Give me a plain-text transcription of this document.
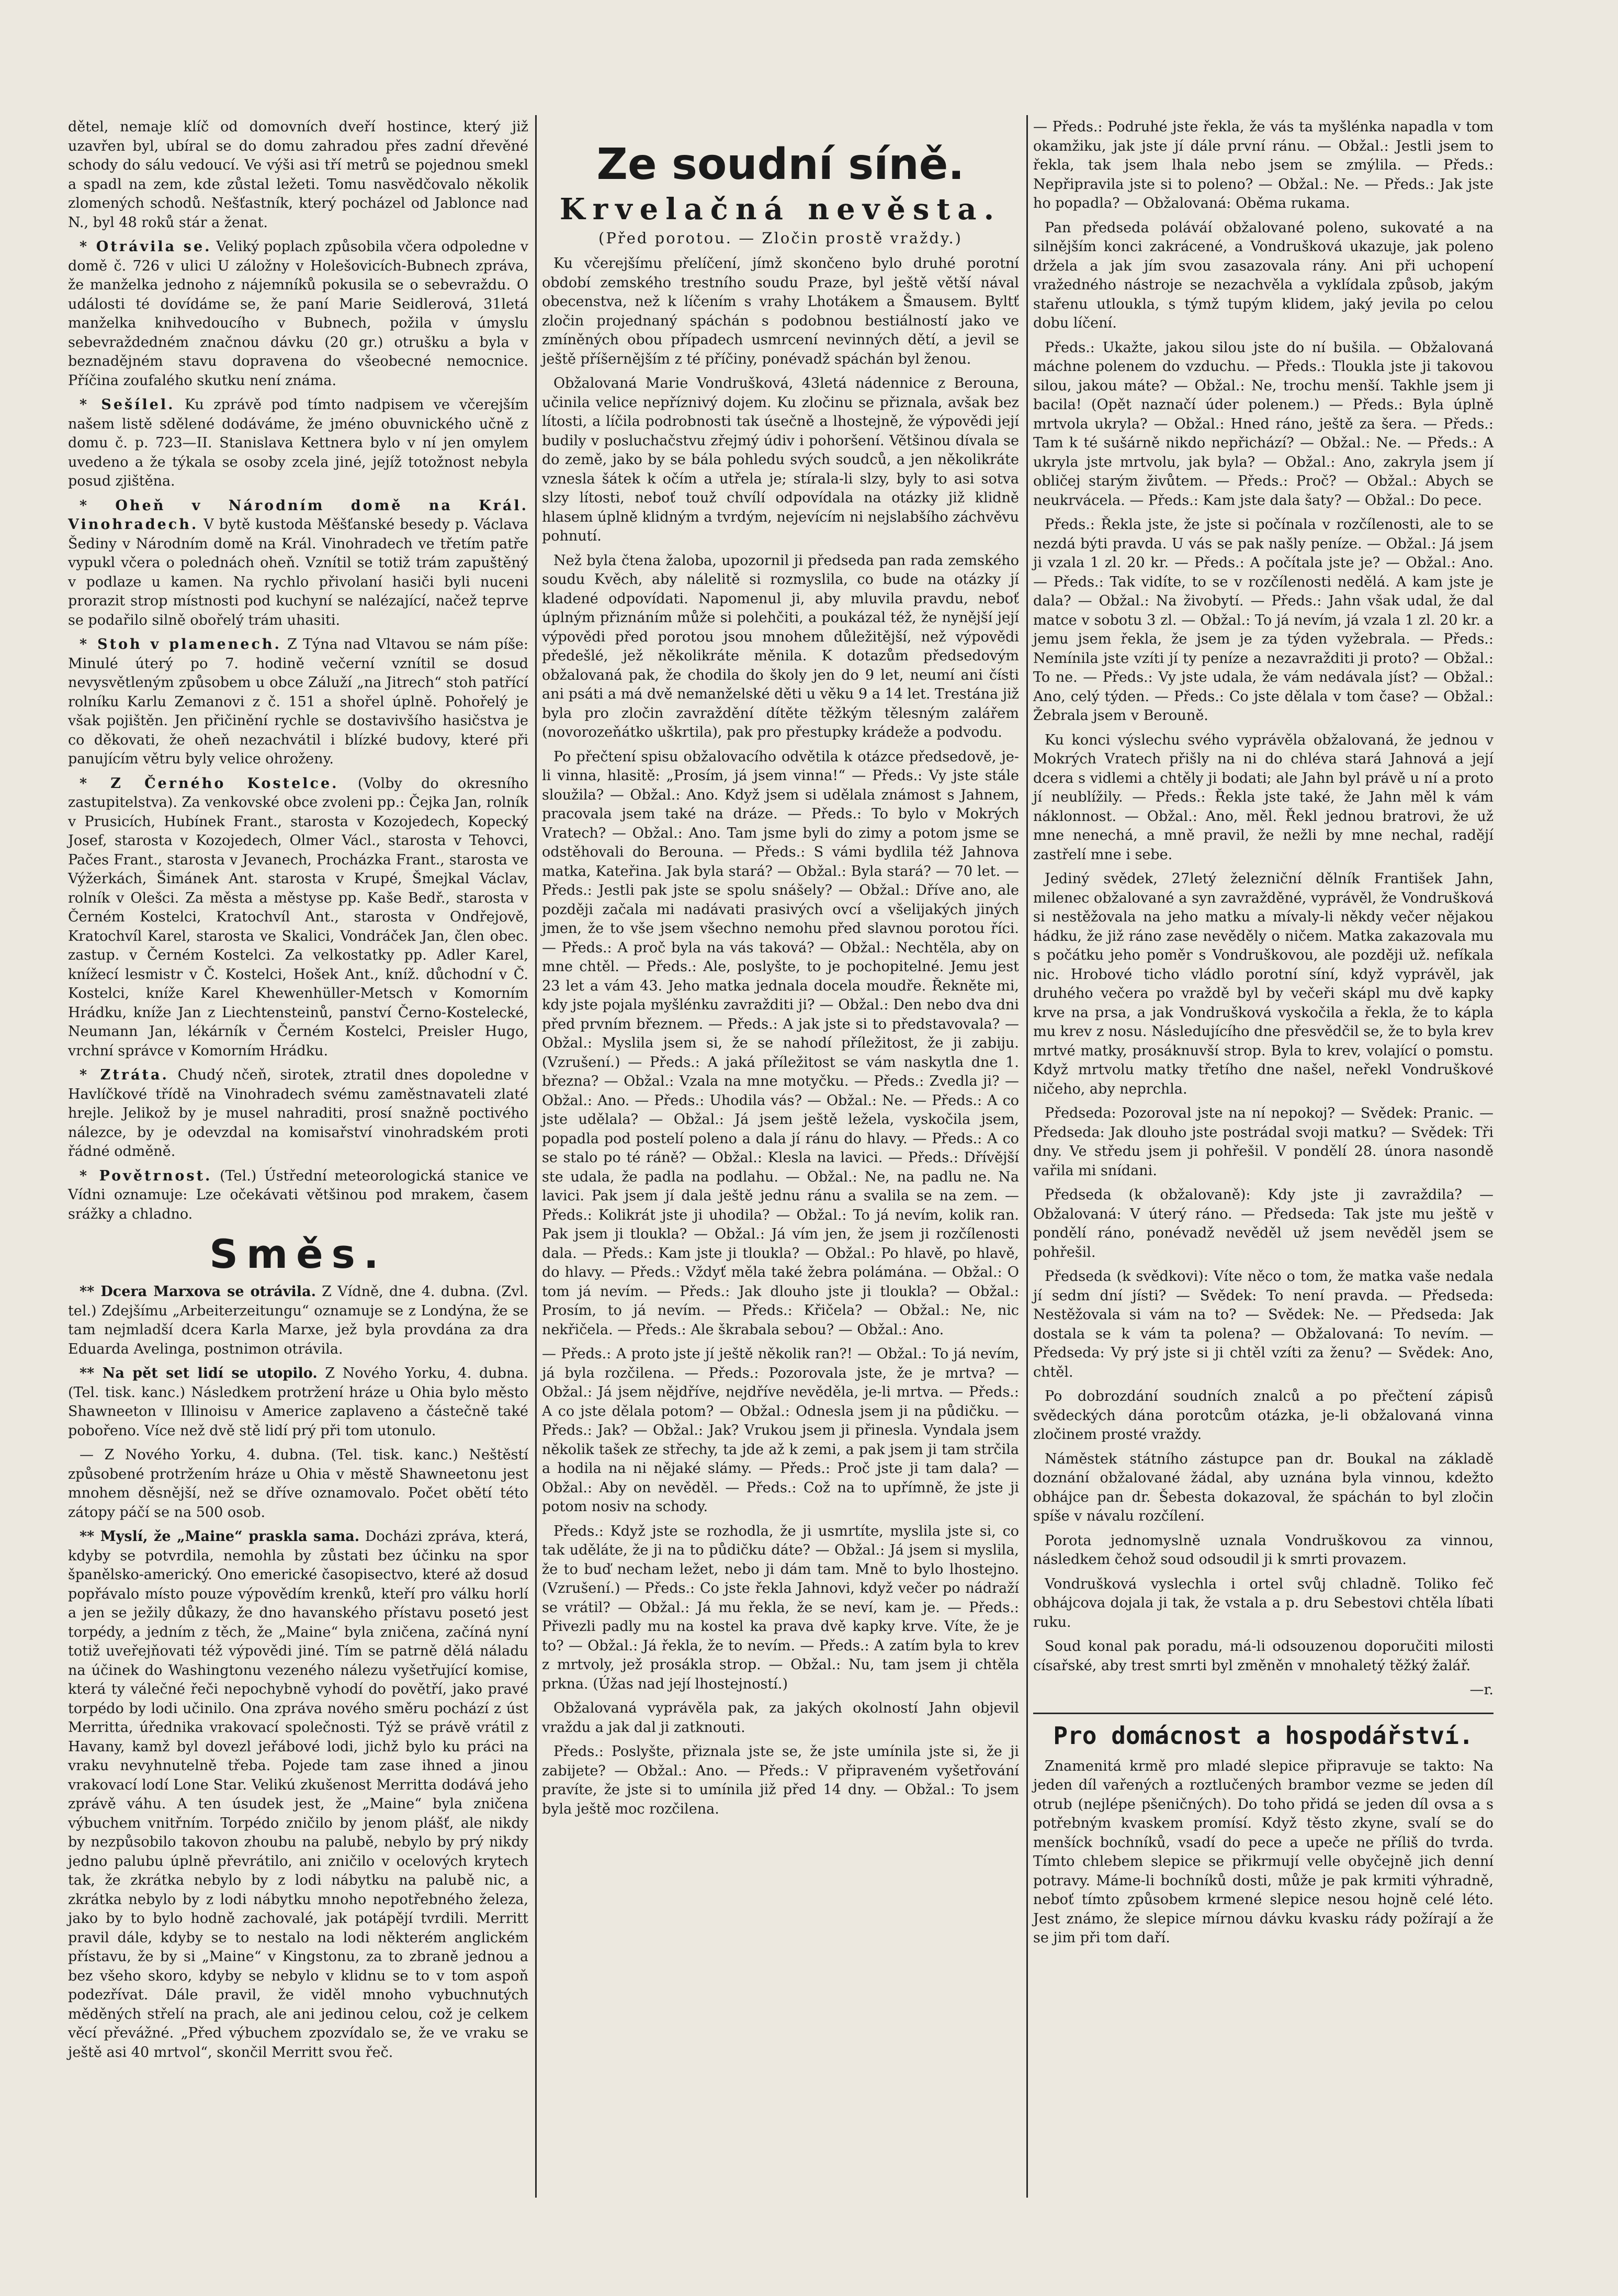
dětel, nemaje klíč od domovních dveří hostince, který již uzavřen byl, ubíral se do domu zahradou přes zadní dřevěné schody do sálu vedoucí. Ve výši asi tří metrů se pojednou smekl a spadl na zem, kde zůstal ležeti. Tomu nasvědčovalo několik zlomených schodů. Nešťastník, který pocházel od Jablonce nad N., byl 48 roků stár a ženat.

* Otrávila se. Veliký poplach způsobila včera odpoledne v domě č. 726 v ulici U záložny v Holešovicích-Bubnech zpráva, že manželka jednoho z nájemníků pokusila se o sebevraždu. O události té dovídáme se, že paní Marie Seidlerová, 31letá manželka knihvedoucího v Bubnech, požila v úmyslu sebevraždedném značnou dávku (20 gr.) otrušku a byla v beznadějném stavu dopravena do všeobecné nemocnice. Příčina zoufalého skutku není známa.

* Sešílel. Ku zprávě pod tímto nadpisem ve včerejším našem listě sdělené dodáváme, že jméno obuvnického učně z domu č. p. 723—II. Stanislava Kettnera bylo v ní jen omylem uvedeno a že týkala se osoby zcela jiné, jejíž totožnost nebyla posud zjištěna.

* Oheň v Národním domě na Král. Vinohradech. V bytě kustoda Měšťanské besedy p. Václava Šediny v Národním domě na Král. Vinohradech ve třetím patře vypukl včera o polednách oheň. Vznítil se totiž trám zapuštěný v podlaze u kamen. Na rychlo přivolaní hasiči byli nuceni prorazit strop místnosti pod kuchyní se nalézající, načež teprve se podařilo silně obořelý trám uhasiti.

* Stoh v plamenech. Z Týna nad Vltavou se nám píše: Minulé úterý po 7. hodině večerní vznítil se dosud nevysvětleným způsobem u obce Záluží „na Jitrech“ stoh patřící rolníku Karlu Zemanovi z č. 151 a shořel úplně. Pohořelý je však pojištěn. Jen přičinění rychle se dostavivšího hasičstva je co děkovati, že oheň nezachvátil i blízké budovy, které při panujícím větru byly velice ohroženy.

* Z Černého Kostelce. (Volby do okresního zastupitelstva). Za venkovské obce zvoleni pp.: Čejka Jan, rolník v Prusicích, Hubínek Frant., starosta v Kozojedech, Kopecký Josef, starosta v Kozojedech, Olmer Václ., starosta v Tehovci, Pačes Frant., starosta v Jevanech, Procházka Frant., starosta ve Výžerkách, Šimánek Ant. starosta v Krupé, Šmejkal Václav, rolník v Olešci. Za města a městyse pp. Kaše Bedř., starosta v Černém Kostelci, Kratochvíl Ant., starosta v Ondřejově, Kratochvíl Karel, starosta ve Skalici, Vondráček Jan, člen obec. zastup. v Černém Kostelci. Za velkostatky pp. Adler Karel, knížecí lesmistr v Č. Kostelci, Hošek Ant., kníž. důchodní v Č. Kostelci, kníže Karel Khewenhüller-Metsch v Komorním Hrádku, kníže Jan z Liechtensteinů, panství Černo-Kostelecké, Neumann Jan, lékárník v Černém Kostelci, Preisler Hugo, vrchní správce v Komorním Hrádku.

* Ztráta. Chudý nčeň, sirotek, ztratil dnes dopoledne v Havlíčkové třídě na Vinohradech svému zaměstnavateli zlaté hrejle. Jelikož by je musel nahraditi, prosí snažně poctivého nálezce, by je odevzdal na komisařství vinohradském proti řádné odměně.

* Povětrnost. (Tel.) Ústřední meteorologická stanice ve Vídni oznamuje: Lze očekávati většinou pod mrakem, časem srážky a chladno.

Směs.

** Dcera Marxova se otrávila. Z Vídně, dne 4. dubna. (Zvl. tel.) Zdejšímu „Arbeiterzeitungu“ oznamuje se z Londýna, že se tam nejmladší dcera Karla Marxe, jež byla provdána za dra Eduarda Avelinga, postnimon otrávila.

** Na pět set lidí se utopilo. Z Nového Yorku, 4. dubna. (Tel. tisk. kanc.) Následkem protržení hráze u Ohia bylo město Shawneeton v Illinoisu v Americe zaplaveno a částečně také pobořeno. Více než dvě stě lidí prý při tom utonulo.

— Z Nového Yorku, 4. dubna. (Tel. tisk. kanc.) Neštěstí způsobené protržením hráze u Ohia v městě Shawneetonu jest mnohem děsnější, než se dříve oznamovalo. Počet obětí této zátopy páčí se na 500 osob.

** Myslí, že „Maine“ praskla sama. Docházi zpráva, která, kdyby se potvrdila, nemohla by zůstati bez účinku na spor španělsko-americký. Ono emerické časopisectvo, které až dosud popřávalo místo pouze výpovědím krenků, kteří pro válku horlí a jen se ježily důkazy, že dno havanského přístavu posetó jest torpédy, a jedním z těch, že „Maine“ byla zničena, začíná nyní totiž uveřejňovati též výpovědi jiné. Tím se patrně dělá náladu na účinek do Washingtonu vezeného nálezu vyšetřující komise, která ty válečné řeči nepochybně vyhodí do povětří, jako pravé torpédo by lodi učinilo. Ona zpráva nového směru pochází z úst Merritta, úřednika vrakovací společnosti. Týž se právě vrátil z Havany, kamž byl dovezl jeřábové lodi, jichž bylo ku práci na vraku nevyhnutelně třeba. Pojede tam zase ihned a jinou vrakovací lodí Lone Star. Velikú zkušenost Merritta dodává jeho zprávě váhu. A ten úsudek jest, že „Maine“ byla zničena výbuchem vnitřním. Torpédo zničilo by jenom plášť, ale nikdy by nezpůsobilo takovon zhoubu na palubě, nebylo by prý nikdy jedno palubu úplně převrátilo, ani zničilo v ocelových krytech tak, že zkrátka nebylo by z lodi nábytku na palubě nic, a zkrátka nebylo by z lodi nábytku mnoho nepotřebného železa, jako by to bylo hodně zachovalé, jak potápějí tvrdili. Merritt pravil dále, kdyby se to nestalo na lodi některém anglickém přístavu, že by si „Maine“ v Kingstonu, za to zbraně jednou a bez všeho skoro, kdyby se nebylo v klidnu se to v tom aspoň podezřívat. Dále pravil, že viděl mnoho vybuchnutých měděných střelí na prach, ale ani jedinou celou, což je celkem věcí převážné. „Před výbuchem zpozvídalo se, že ve vraku se ještě asi 40 mrtvol“, skončil Merritt svou řeč.

Ze soudní síně.
Krvelačná nevěsta.
(Před porotou. — Zločin prostě vraždy.)

Ku včerejšímu přelíčení, jímž skončeno bylo druhé porotní období zemského trestního soudu Praze, byl ještě větší nával obecenstva, než k líčením s vrahy Lhotákem a Šmausem. Byltť zločin projednaný spáchán s podobnou bestiálností jako ve zmíněných obou případech usmrcení nevinných dětí, a jevil se ještě příšernějším z té příčiny, ponévadž spáchán byl ženou.

Obžalovaná Marie Vondrušková, 43letá nádennice z Berouna, učinila velice nepříznivý dojem. Ku zločinu se přiznala, avšak bez lítosti, a líčila podrobnosti tak úsečně a lhostejně, že výpovědi její budily v posluchačstvu zřejmý údiv i pohoršení. Většinou dívala se do země, jako by se bála pohledu svých soudců, a jen několikráte vznesla šátek k očím a utřela je; stírala-li slzy, byly to asi sotva slzy lítosti, neboť touž chvílí odpovídala na otázky již klidně hlasem úplně klidným a tvrdým, nejevícím ni nejslabšího záchvěvu pohnutí.

Než byla čtena žaloba, upozornil ji předseda pan rada zemského soudu Kvěch, aby nálelitě si rozmyslila, co bude na otázky jí kladené odpovídati. Napomenul ji, aby mluvila pravdu, neboť úplným přiznáním může si polehčiti, a poukázal též, že nynější její výpovědi před porotou jsou mnohem důležitější, než výpovědi předešlé, jež několikráte měnila. K dotazům předsedovým obžalovaná pak, že chodila do školy jen do 9 let, neumí ani čísti ani psáti a má dvě nemanželské děti u věku 9 a 14 let. Trestána již byla pro zločin zavraždění dítěte těžkým tělesným zalářem (novorozeňátko uškrtila), pak pro přestupky krádeže a podvodu.

Po přečtení spisu obžalovacího odvětila k otázce předsedově, je-li vinna, hlasitě: „Prosím, já jsem vinna!“ — Předs.: Vy jste stále sloužila? — Obžal.: Ano. Když jsem si udělala známost s Jahnem, pracovala jsem také na dráze. — Předs.: To bylo v Mokrých Vratech? — Obžal.: Ano. Tam jsme byli do zimy a potom jsme se odstěhovali do Berouna. — Předs.: S vámi bydlila též Jahnova matka, Kateřina. Jak byla stará? — Obžal.: Byla stará? — 70 let. — Předs.: Jestli pak jste se spolu snášely? — Obžal.: Dříve ano, ale později začala mi nadávati prasivých ovcí a všelijakých jiných jmen, že to vše jsem všechno nemohu před slavnou porotou říci. — Předs.: A proč byla na vás taková? — Obžal.: Nechtěla, aby on mne chtěl. — Předs.: Ale, poslyšte, to je pochopitelné. Jemu jest 23 let a vám 43. Jeho matka jednala docela moudře. Řekněte mi, kdy jste pojala myšlénku zavražditi ji? — Obžal.: Den nebo dva dni před prvním březnem. — Předs.: A jak jste si to představovala? — Obžal.: Myslila jsem si, že se nahodí příležitost, že ji zabiju. (Vzrušení.) — Předs.: A jaká příležitost se vám naskytla dne 1. března? — Obžal.: Vzala na mne motyčku. — Předs.: Zvedla ji? — Obžal.: Ano. — Předs.: Uhodila vás? — Obžal.: Ne. — Předs.: A co jste udělala? — Obžal.: Já jsem ještě ležela, vyskočila jsem, popadla pod postelí poleno a dala jí ránu do hlavy. — Předs.: A co se stalo po té ráně? — Obžal.: Klesla na lavici. — Předs.: Dřívější ste udala, že padla na podlahu. — Obžal.: Ne, na padlu ne. Na lavici. Pak jsem jí dala ještě jednu ránu a svalila se na zem. — Předs.: Kolikrát jste ji uhodila? — Obžal.: To já nevím, kolik ran. Pak jsem ji tloukla? — Obžal.: Já vím jen, že jsem ji rozčílenosti dala. — Předs.: Kam jste ji tloukla? — Obžal.: Po hlavě, po hlavě, do hlavy. — Předs.: Vždyť měla také žebra polámána. — Obžal.: O tom já nevím. — Předs.: Jak dlouho jste ji tloukla? — Obžal.: Prosím, to já nevím. — Předs.: Křičela? — Obžal.: Ne, nic nekřičela. — Předs.: Ale škrabala sebou? — Obžal.: Ano.

— Předs.: A proto jste jí ještě několik ran?! — Obžal.: To já nevím, já byla rozčilena. — Předs.: Pozorovala jste, že je mrtva? — Obžal.: Já jsem nějdříve, nejdříve nevěděla, je-li mrtva. — Předs.: A co jste dělala potom? — Obžal.: Odnesla jsem ji na půdičku. — Předs.: Jak? — Obžal.: Jak? Vrukou jsem ji přinesla. Vyndala jsem několik tašek ze střechy, ta jde až k zemi, a pak jsem ji tam strčila a hodila na ni nějaké slámy. — Předs.: Proč jste ji tam dala? — Obžal.: Aby on nevěděl. — Předs.: Což na to upřímně, že jste ji potom nosiv na schody.

Předs.: Když jste se rozhodla, že ji usmrtíte, myslila jste si, co tak uděláte, že ji na to půdičku dáte? — Obžal.: Já jsem si myslila, že to buď necham ležet, nebo ji dám tam. Mně to bylo lhostejno. (Vzrušení.) — Předs.: Co jste řekla Jahnovi, když večer po nádraží se vrátil? — Obžal.: Já mu řekla, že se neví, kam je. — Předs.: Přivezli padly mu na kostel ka prava dvě kapky krve. Víte, že je to? — Obžal.: Já řekla, že to nevím. — Předs.: A zatím byla to krev z mrtvoly, jež prosákla strop. — Obžal.: Nu, tam jsem ji chtěla prkna. (Úžas nad její lhostejností.)

Obžalovaná vyprávěla pak, za jakých okolností Jahn objevil vraždu a jak dal ji zatknouti.

Předs.: Poslyšte, přiznala jste se, že jste umínila jste si, že ji zabijete? — Obžal.: Ano. — Předs.: V připraveném vyšetřování pravíte, že jste si to umínila již před 14 dny. — Obžal.: To jsem byla ještě moc rozčilena.

— Předs.: Podruhé jste řekla, že vás ta myšlénka napadla v tom okamžiku, jak jste jí dále první ránu. — Obžal.: Jestli jsem to řekla, tak jsem lhala nebo jsem se zmýlila. — Předs.: Nepřipravila jste si to poleno? — Obžal.: Ne. — Předs.: Jak jste ho popadla? — Obžalovaná: Oběma rukama.

Pan předseda poláváí obžalované poleno, sukovaté a na silnějším konci zakrácené, a Vondrušková ukazuje, jak poleno držela a jak jím svou zasazovala rány. Ani při uchopení vražedného nástroje se nezachvěla a vyklídala způsob, jakým stařenu utloukla, s týmž tupým klidem, jaký jevila po celou dobu líčení.

Předs.: Ukažte, jakou silou jste do ní bušila. — Obžalovaná máchne polenem do vzduchu. — Předs.: Tloukla jste ji takovou silou, jakou máte? — Obžal.: Ne, trochu menší. Takhle jsem ji bacila! (Opět naznačí úder polenem.) — Předs.: Byla úplně mrtvola ukryla? — Obžal.: Hned ráno, ještě za šera. — Předs.: Tam k té sušárně nikdo nepřichází? — Obžal.: Ne. — Předs.: A ukryla jste mrtvolu, jak byla? — Obžal.: Ano, zakryla jsem jí obličej starým živůtem. — Předs.: Proč? — Obžal.: Abych se neukrvácela. — Předs.: Kam jste dala šaty? — Obžal.: Do pece.

Předs.: Řekla jste, že jste si počínala v rozčílenosti, ale to se nezdá býti pravda. U vás se pak našly peníze. — Obžal.: Já jsem ji vzala 1 zl. 20 kr. — Předs.: A počítala jste je? — Obžal.: Ano. — Předs.: Tak vidíte, to se v rozčílenosti nedělá. A kam jste je dala? — Obžal.: Na živobytí. — Předs.: Jahn však udal, že dal matce v sobotu 3 zl. — Obžal.: To já nevím, já vzala 1 zl. 20 kr. a jemu jsem řekla, že jsem je za týden vyžebrala. — Předs.: Nemínila jste vzíti jí ty peníze a nezavražditi ji proto? — Obžal.: To ne. — Předs.: Vy jste udala, že vám nedávala jíst? — Obžal.: Ano, celý týden. — Předs.: Co jste dělala v tom čase? — Obžal.: Žebrala jsem v Berouně.

Ku konci výslechu svého vyprávěla obžalovaná, že jednou v Mokrých Vratech přišly na ni do chléva stará Jahnová a její dcera s vidlemi a chtěly ji bodati; ale Jahn byl právě u ní a proto jí neublížily. — Předs.: Řekla jste také, že Jahn měl k vám náklonnost. — Obžal.: Ano, měl. Řekl jednou bratrovi, že už mne nenechá, a mně pravil, že nežli by mne nechal, radějí zastřelí mne i sebe.

Jediný svědek, 27letý železniční dělník František Jahn, milenec obžalované a syn zavražděné, vyprávěl, že Vondrušková si nestěžovala na jeho matku a mívaly-li někdy večer nějakou hádku, že již ráno zase nevěděly o ničem. Matka zakazovala mu s počátku jeho poměr s Vondruškovou, ale později už. nefíkala nic. Hrobové ticho vládlo porotní síní, když vyprávěl, jak druhého večera po vraždě byl by večeři skápl mu dvě kapky krve na prsa, a jak Vondrušková vyskočila a řekla, že to kápla mu krev z nosu. Následujícího dne přesvědčil se, že to byla krev mrtvé matky, prosáknuvší strop. Byla to krev, volající o pomstu. Když mrtvolu matky třetího dne našel, neřekl Vondruškové ničeho, aby neprchla.

Předseda: Pozoroval jste na ní nepokoj? — Svědek: Pranic. — Předseda: Jak dlouho jste postrádal svoji matku? — Svědek: Tři dny. Ve středu jsem ji pohřešil. V pondělí 28. února nasondě vařila mi snídani.

Předseda (k obžalovaně): Kdy jste ji zavraždila? — Obžalovaná: V úterý ráno. — Předseda: Tak jste mu ještě v pondělí ráno, ponévadž nevěděl už jsem nevěděl jsem se pohřešil.

Předseda (k svědkovi): Víte něco o tom, že matka vaše nedala jí sedm dní jísti? — Svědek: To není pravda. — Předseda: Nestěžovala si vám na to? — Svědek: Ne. — Předseda: Jak dostala se k vám ta polena? — Obžalovaná: To nevím. — Předseda: Vy prý jste si ji chtěl vzíti za ženu? — Svědek: Ano, chtěl.

Po dobrozdání soudních znalců a po přečtení zápisů svědeckých dána porotcům otázka, je-li obžalovaná vinna zločinem prosté vraždy.

Náměstek státního zástupce pan dr. Boukal na základě doznání obžalované žádal, aby uznána byla vinnou, kdežto obhájce pan dr. Šebesta dokazoval, že spáchán to byl zločin spíše v návalu rozčílení.

Porota jednomyslně uznala Vondruškovou za vinnou, následkem čehož soud odsoudil ji k smrti provazem.

Vondrušková vyslechla i ortel svůj chladně. Toliko feč obhájcova dojala ji tak, že vstala a p. dru Sebestovi chtěla líbati ruku.

Soud konal pak poradu, má-li odsouzenou doporučiti milosti císařské, aby trest smrti byl změněn v mnohaletý těžký žalář.

—r.

Pro domácnost a hospodářství.

Znamenitá krmě pro mladé slepice připravuje se takto: Na jeden díl vařených a roztlučených brambor vezme se jeden díl otrub (nejlépe pšeničných). Do toho přidá se jeden díl ovsa a s potřebným kvaskem promísí. Když těsto zkyne, svalí se do menšíck bochníků, vsadí do pece a upeče ne příliš do tvrda. Tímto chlebem slepice se přikrmují velle obyčejně jich denní potravy. Máme-li bochníků dosti, může je pak krmiti výhradně, neboť tímto způsobem krmené slepice nesou hojně celé léto. Jest známo, že slepice mírnou dávku kvasku rády požírají a že se jim při tom daří.
